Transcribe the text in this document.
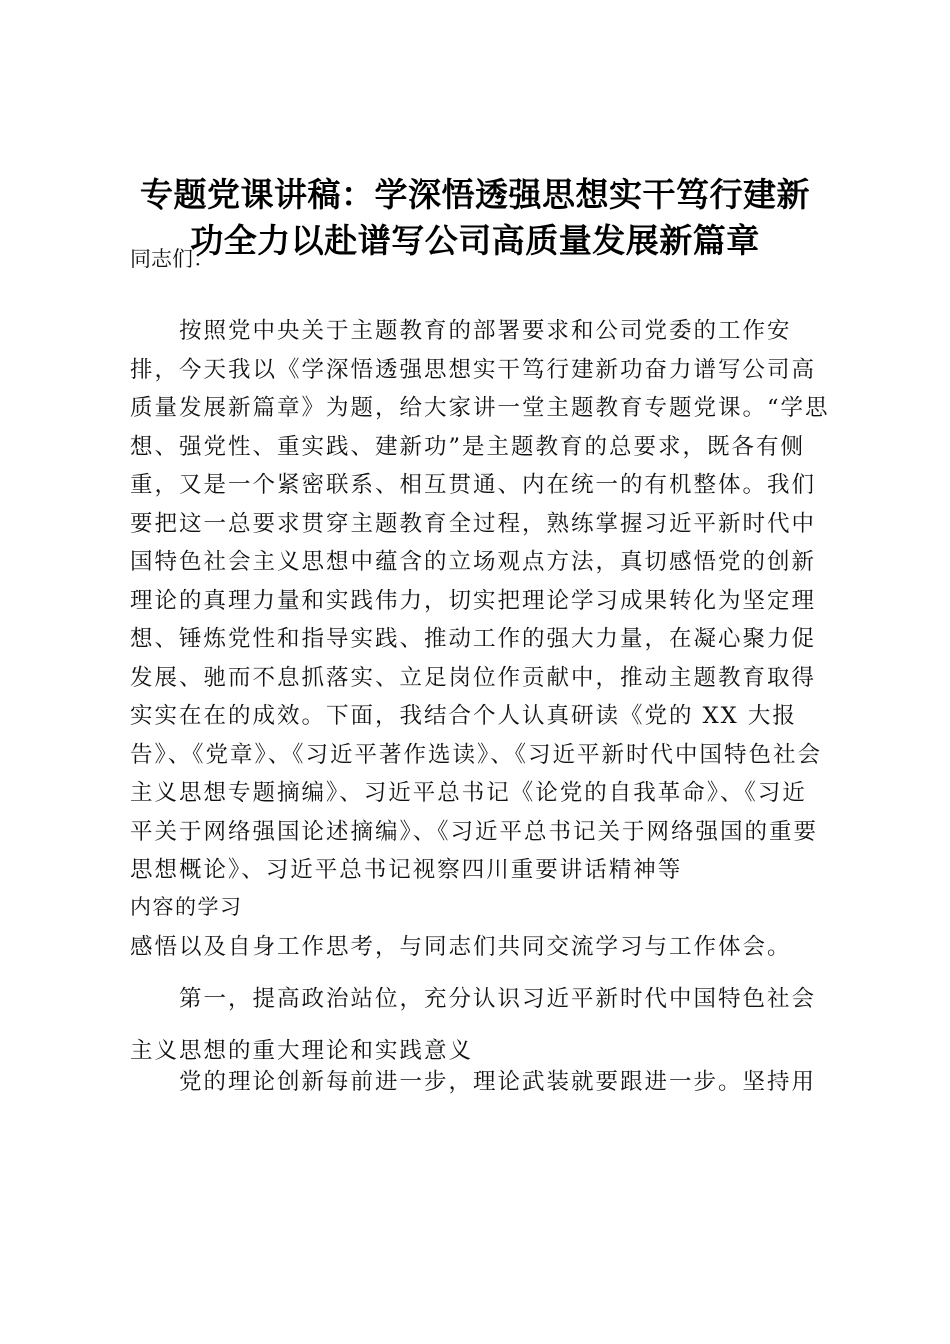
专题党课讲稿：学深悟透强思想实干笃行建新
功全力以赴谱写公司高质量发展新篇章

同志们：

按照党中央关于主题教育的部署要求和公司党委的工作安排，今天我以《学深悟透强思想实干笃行建新功奋力谱写公司高质量发展新篇章》为题，给大家讲一堂主题教育专题党课。“学思想、强党性、重实践、建新功”是主题教育的总要求，既各有侧重，又是一个紧密联系、相互贯通、内在统一的有机整体。我们要把这一总要求贯穿主题教育全过程，熟练掌握习近平新时代中国特色社会主义思想中蕴含的立场观点方法，真切感悟党的创新理论的真理力量和实践伟力，切实把理论学习成果转化为坚定理想、锤炼党性和指导实践、推动工作的强大力量，在凝心聚力促发展、驰而不息抓落实、立足岗位作贡献中，推动主题教育取得实实在在的成效。下面，我结合个人认真研读《党的 XX 大报 告》、《党章》、《习近平著作选读》、《习近平新时代中国特色社会 主义思想专题摘编》、习近平总书记《论党的自我革命》、《习近 平关于网络强国论述摘编》、《习近平总书记关于网络强国的重要 思想概论》、习近平总书记视察四川重要讲话精神等
内容的学习

感悟以及自身工作思考，与同志们共同交流学习与工作体会。

第一，提高政治站位，充分认识习近平新时代中国特色社会主义思想的重大理论和实践意义

党的理论创新每前进一步，理论武装就要跟进一步。坚持用
